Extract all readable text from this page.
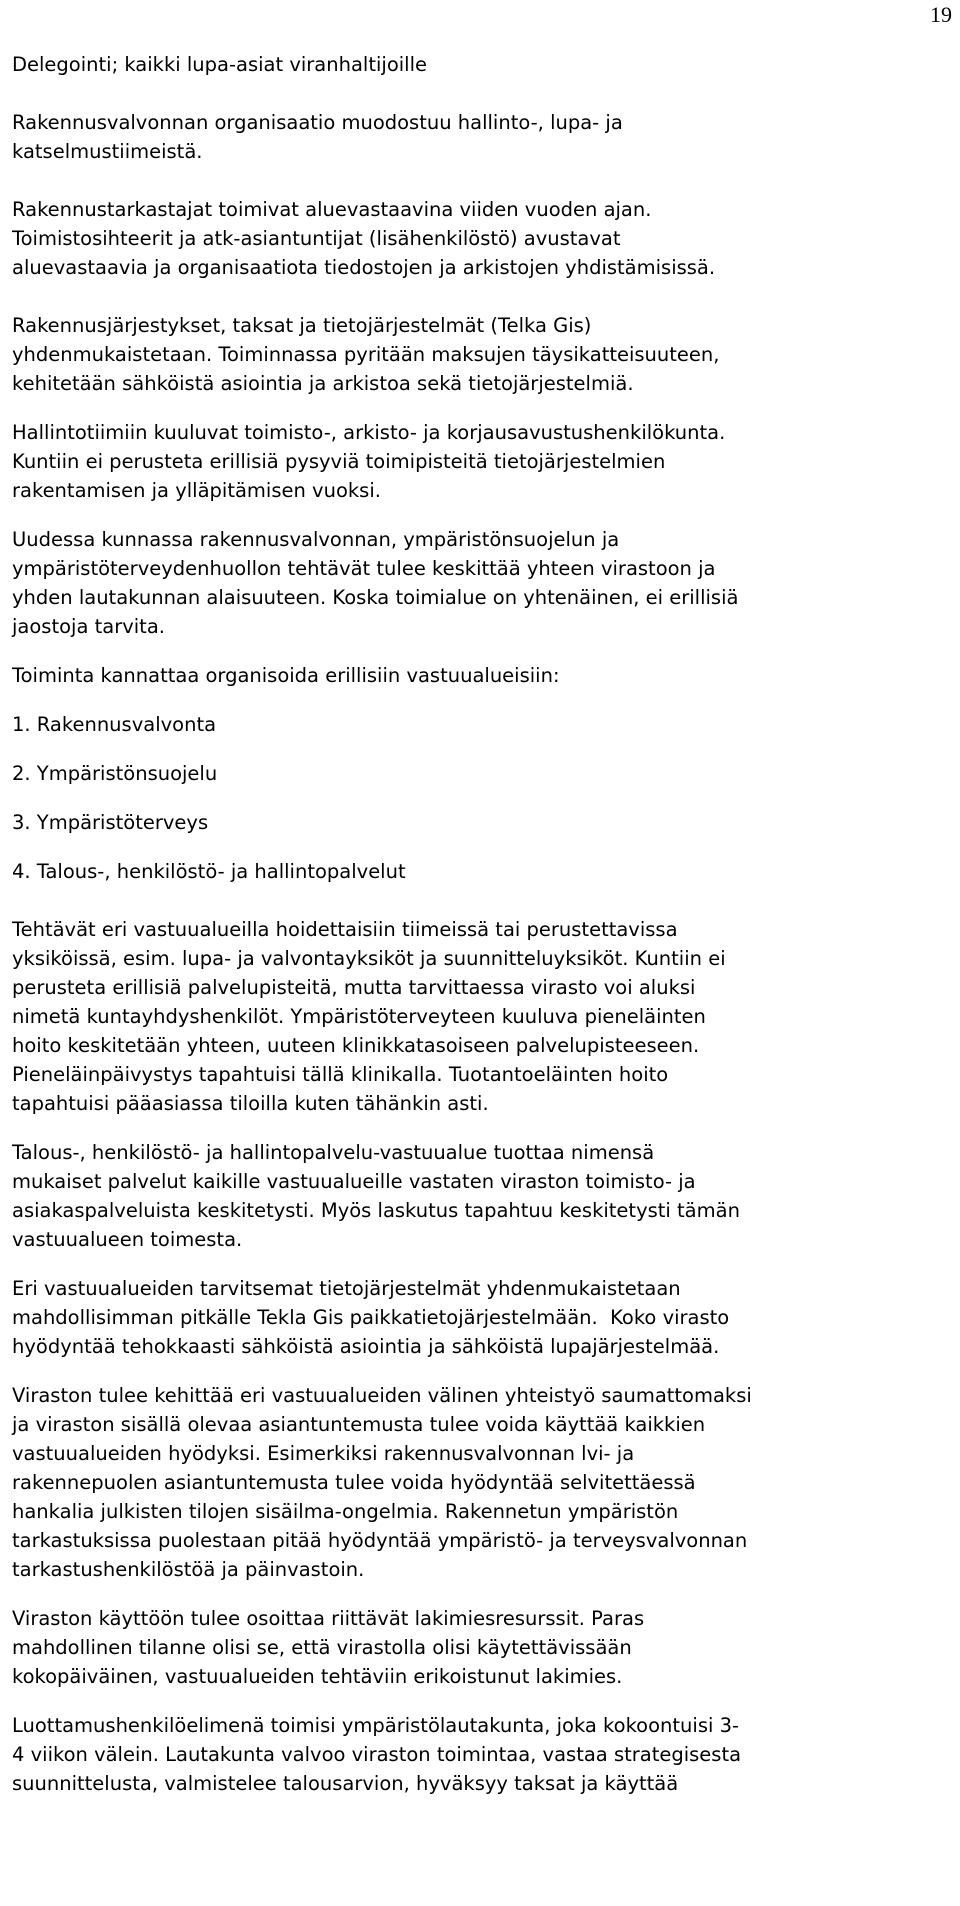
19
Delegointi; kaikki lupa-asiat viranhaltijoille
Rakennusvalvonnan organisaatio muodostuu hallinto-, lupa- ja
katselmustiimeistä.
Rakennustarkastajat toimivat aluevastaavina viiden vuoden ajan.
Toimistosihteerit ja atk-asiantuntijat (lisähenkilöstö) avustavat
aluevastaavia ja organisaatiota tiedostojen ja arkistojen yhdistämisissä.
Rakennusjärjestykset, taksat ja tietojärjestelmät (Telka Gis)
yhdenmukaistetaan. Toiminnassa pyritään maksujen täysikatteisuuteen,
kehitetään sähköistä asiointia ja arkistoa sekä tietojärjestelmiä.
Hallintotiimiin kuuluvat toimisto-, arkisto- ja korjausavustushenkilökunta.
Kuntiin ei perusteta erillisiä pysyviä toimipisteitä tietojärjestelmien
rakentamisen ja ylläpitämisen vuoksi.
Uudessa kunnassa rakennusvalvonnan, ympäristönsuojelun ja
ympäristöterveydenhuollon tehtävät tulee keskittää yhteen virastoon ja
yhden lautakunnan alaisuuteen. Koska toimialue on yhtenäinen, ei erillisiä
jaostoja tarvita.
Toiminta kannattaa organisoida erillisiin vastuualueisiin:
1. Rakennusvalvonta
2. Ympäristönsuojelu
3. Ympäristöterveys
4. Talous-, henkilöstö- ja hallintopalvelut
Tehtävät eri vastuualueilla hoidettaisiin tiimeissä tai perustettavissa
yksiköissä, esim. lupa- ja valvontayksiköt ja suunnitteluyksiköt. Kuntiin ei
perusteta erillisiä palvelupisteitä, mutta tarvittaessa virasto voi aluksi
nimetä kuntayhdyshenkilöt. Ympäristöterveyteen kuuluva pieneläinten
hoito keskitetään yhteen, uuteen klinikkatasoiseen palvelupisteeseen.
Pieneläinpäivystys tapahtuisi tällä klinikalla. Tuotantoeläinten hoito
tapahtuisi pääasiassa tiloilla kuten tähänkin asti.
Talous-, henkilöstö- ja hallintopalvelu-vastuualue tuottaa nimensä
mukaiset palvelut kaikille vastuualueille vastaten viraston toimisto- ja
asiakaspalveluista keskitetysti. Myös laskutus tapahtuu keskitetysti tämän
vastuualueen toimesta.
Eri vastuualueiden tarvitsemat tietojärjestelmät yhdenmukaistetaan
mahdollisimman pitkälle Tekla Gis paikkatietojärjestelmään.  Koko virasto
hyödyntää tehokkaasti sähköistä asiointia ja sähköistä lupajärjestelmää.
Viraston tulee kehittää eri vastuualueiden välinen yhteistyö saumattomaksi
ja viraston sisällä olevaa asiantuntemusta tulee voida käyttää kaikkien
vastuualueiden hyödyksi. Esimerkiksi rakennusvalvonnan lvi- ja
rakennepuolen asiantuntemusta tulee voida hyödyntää selvitettäessä
hankalia julkisten tilojen sisäilma-ongelmia. Rakennetun ympäristön
tarkastuksissa puolestaan pitää hyödyntää ympäristö- ja terveysvalvonnan
tarkastushenkilöstöä ja päinvastoin.
Viraston käyttöön tulee osoittaa riittävät lakimiesresurssit. Paras
mahdollinen tilanne olisi se, että virastolla olisi käytettävissään
kokopäiväinen, vastuualueiden tehtäviin erikoistunut lakimies.
Luottamushenkilöelimenä toimisi ympäristölautakunta, joka kokoontuisi 3-
4 viikon välein. Lautakunta valvoo viraston toimintaa, vastaa strategisesta
suunnittelusta, valmistelee talousarvion, hyväksyy taksat ja käyttää
